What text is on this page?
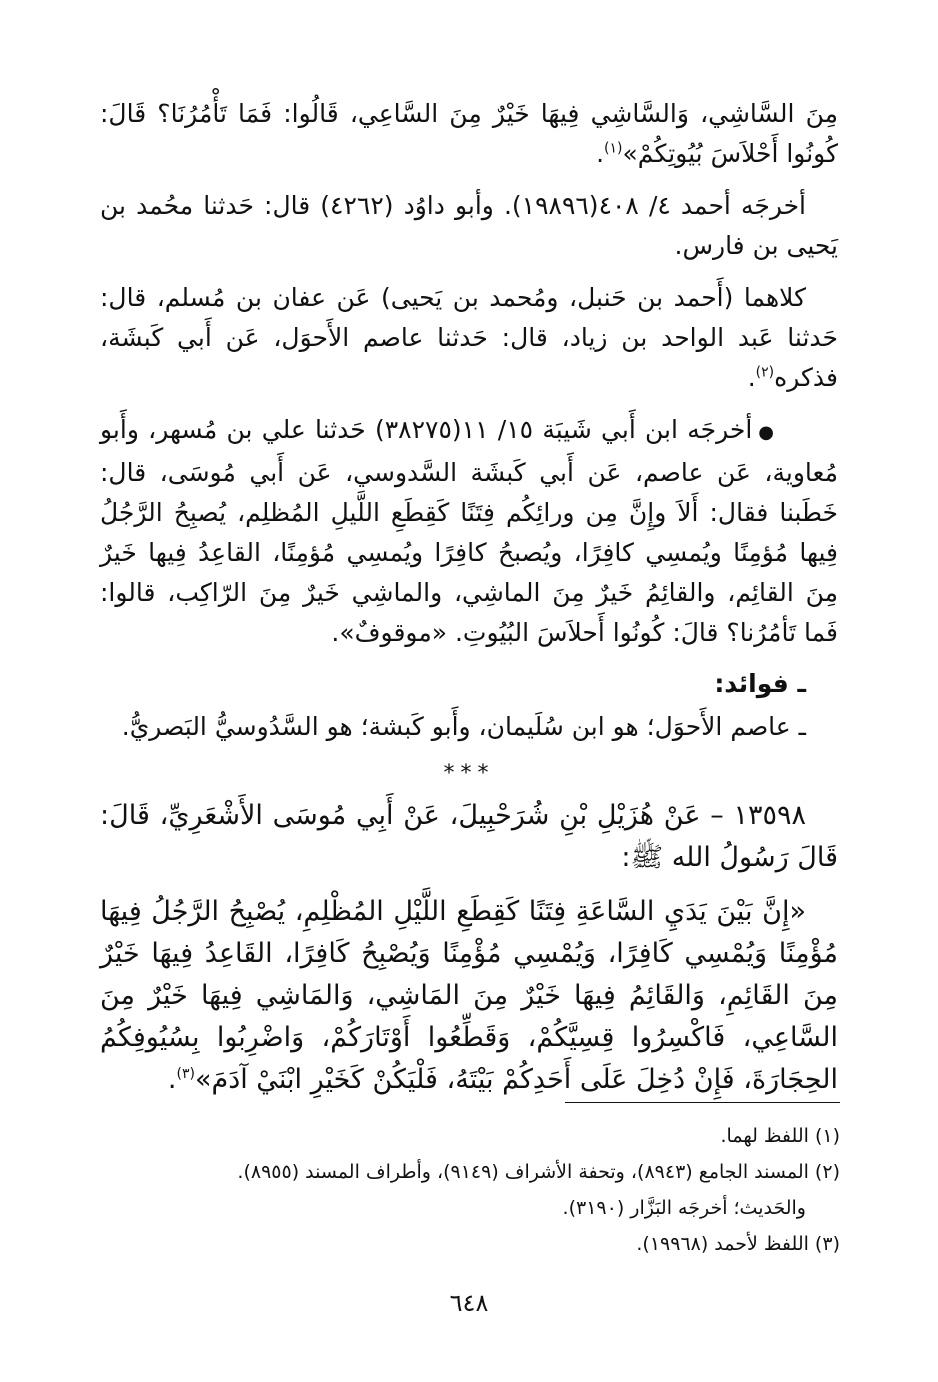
مِنَ السَّاشِي، وَالسَّاشِي فِيهَا خَيْرٌ مِنَ السَّاعِي، قَالُوا: فَمَا تَأْمُرُنَا؟ قَالَ: كُونُوا أَحْلاَسَ بُيُوتِكُمْ»$^{(١)}$.

أخرجَه أحمد ٤/ ٤٠٨(١٩٨٩٦). وأبو داوُد (٤٢٦٢) قال: حَدثنا محُمد بن يَحيى بن فارس.

كلاهما (أَحمد بن حَنبل، ومُحمد بن يَحيى) عَن عفان بن مُسلم، قال: حَدثنا عَبد الواحد بن زياد، قال: حَدثنا عاصم الأَحوَل، عَن أَبي كَبشَة، فذكره$^{(٢)}$.

●أخرجَه ابن أَبي شَيبَة ١٥/ ١١(٣٨٢٧٥) حَدثنا علي بن مُسهر، وأَبو مُعاوية، عَن عاصم، عَن أَبي كَبشَة السَّدوسي، عَن أَبي مُوسَى، قال: خَطَبنا فقال: أَلاَ وإِنَّ مِن ورائِكُم فِتَنًا كَقِطَعِ اللَّيلِ المُظلِم، يُصبِحُ الرَّجُلُ فِيها مُؤمِنًا ويُمسِي كافِرًا، ويُصبحُ كافِرًا ويُمسِي مُؤمِنًا، القاعِدُ فِيها خَيرٌ مِنَ القائِم، والقائِمُ خَيرٌ مِنَ الماشِي، والماشِي خَيرٌ مِنَ الرّاكِب، قالوا: فَما تَأمُرُنا؟ قالَ: كُونُوا أَحلاَسَ البُيُوتِ. «موقوفٌ».

ـ فوائد:

ـ عاصم الأَحوَل؛ هو ابن سُلَيمان، وأَبو كَبشة؛ هو السَّدُوسيُّ البَصريُّ.

***

١٣٥٩٨ – عَنْ هُزَيْلِ بْنِ شُرَحْبِيلَ، عَنْ أَبِي مُوسَى الأَشْعَرِيِّ، قَالَ: قَالَ رَسُولُ الله ﷺ:

«إِنَّ بَيْنَ يَدَيِ السَّاعَةِ فِتَنًا كَقِطَعِ اللَّيْلِ المُظْلِمِ، يُصْبِحُ الرَّجُلُ فِيهَا مُؤْمِنًا وَيُمْسِي كَافِرًا، وَيُمْسِي مُؤْمِنًا وَيُصْبِحُ كَافِرًا، القَاعِدُ فِيهَا خَيْرٌ مِنَ القَائِمِ، وَالقَائِمُ فِيهَا خَيْرٌ مِنَ المَاشِي، وَالمَاشِي فِيهَا خَيْرٌ مِنَ السَّاعِي، فَاكْسِرُوا قِسِيَّكُمْ، وَقَطِّعُوا أَوْتَارَكُمْ، وَاضْرِبُوا بِسُيُوفِكُمُ الحِجَارَةَ، فَإِنْ دُخِلَ عَلَى أَحَدِكُمْ بَيْتَهُ، فَلْيَكُنْ كَخَيْرِ ابْنَيْ آدَمَ»$^{(٣)}$.

(١) اللفظ لهما.

(٢) المسند الجامع (٨٩٤٣)، وتحفة الأشراف (٩١٤٩)، وأطراف المسند (٨٩٥٥).

والحَديث؛ أخرجَه البَزَّار (٣١٩٠).

(٣) اللفظ لأحمد (١٩٩٦٨).

٦٤٨
